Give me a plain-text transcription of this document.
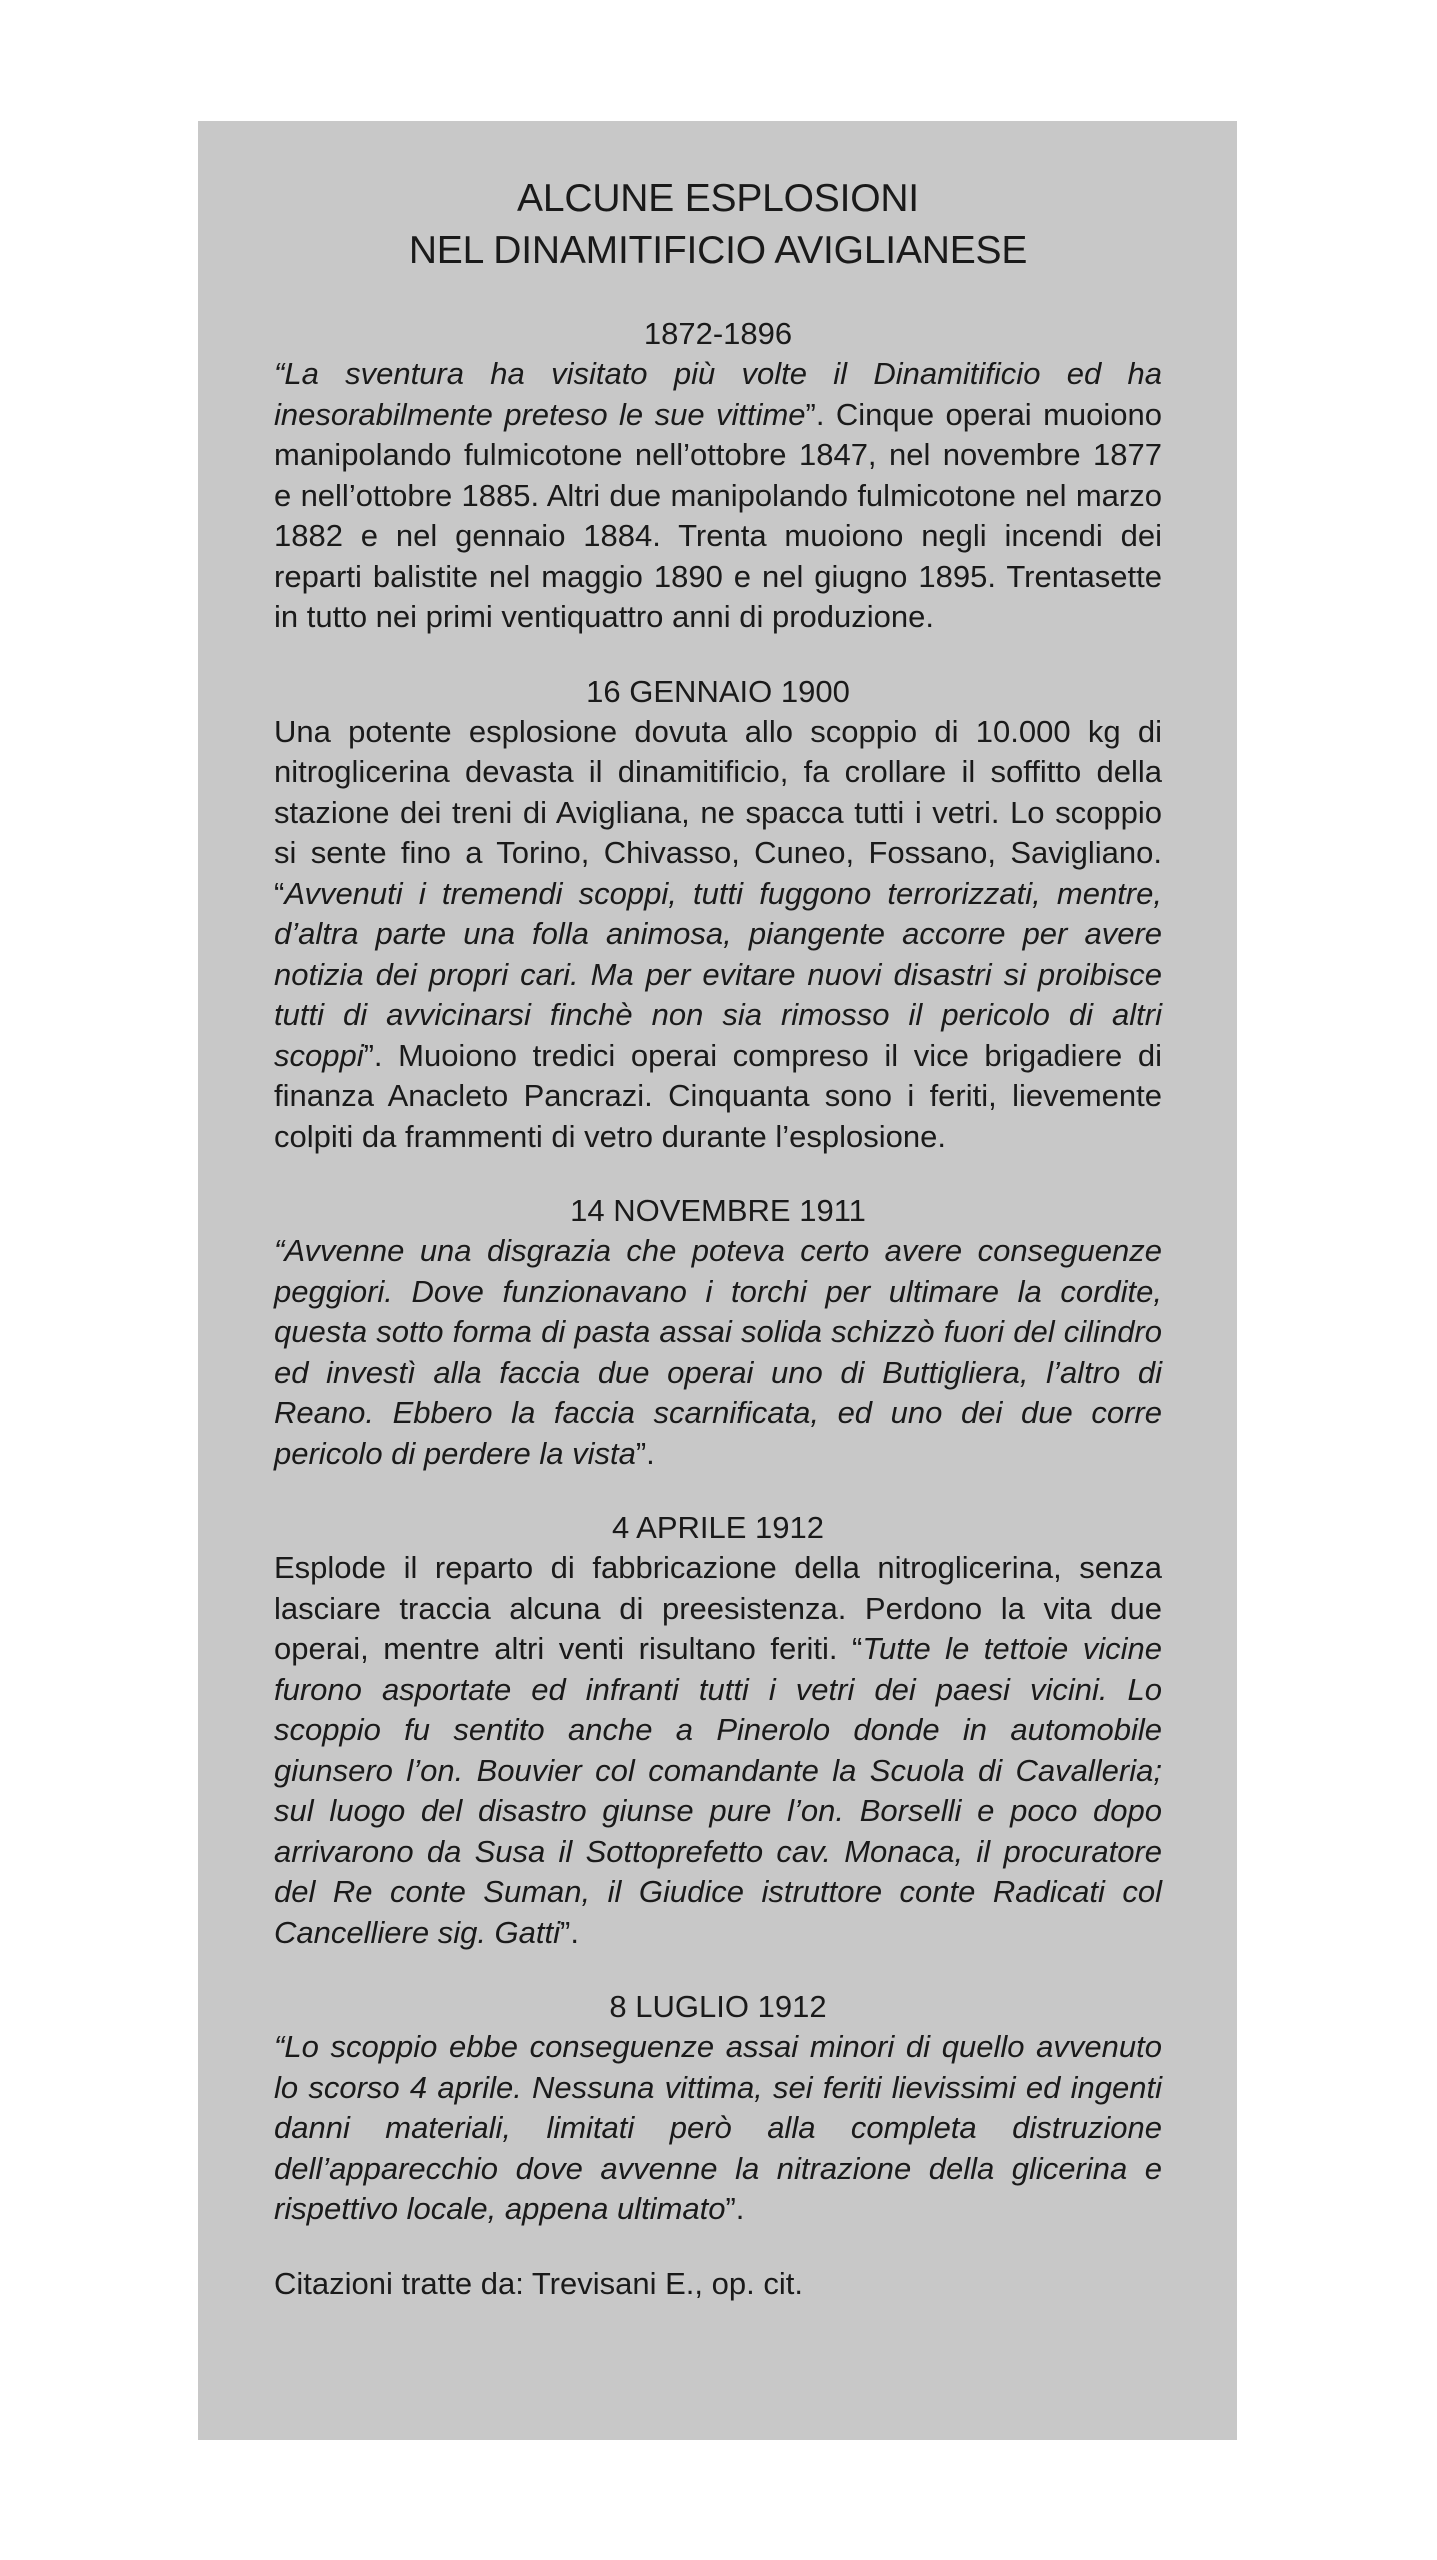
ALCUNE ESPLOSIONI
NEL DINAMITIFICIO AVIGLIANESE

1872-1896

“La sventura ha visitato più volte il Dinamitificio ed ha inesorabilmente preteso le sue vittime”. Cinque operai muoiono manipolando fulmicotone nell’ottobre 1847, nel novembre 1877 e nell’ottobre 1885. Altri due manipolando fulmicotone nel marzo 1882 e nel gennaio 1884. Trenta muoiono negli incendi dei reparti balistite nel maggio 1890 e nel giugno 1895. Trentasette in tutto nei primi ventiquattro anni di produzione.

16 GENNAIO 1900

Una potente esplosione dovuta allo scoppio di 10.000 kg di nitroglicerina devasta il dinamitificio, fa crollare il soffitto della stazione dei treni di Avigliana, ne spacca tutti i vetri. Lo scoppio si sente fino a Torino, Chivasso, Cuneo, Fossano, Savigliano. “Avvenuti i tremendi scoppi, tutti fuggono terrorizzati, mentre, d’altra parte una folla animosa, piangente accorre per avere notizia dei propri cari. Ma per evitare nuovi disastri si proibisce tutti di avvicinarsi finchè non sia rimosso il pericolo di altri scoppi”. Muoiono tredici operai compreso il vice brigadiere di finanza Anacleto Pancrazi. Cinquanta sono i feriti, lievemente colpiti da frammenti di vetro durante l’esplosione.

14 NOVEMBRE 1911

“Avvenne una disgrazia che poteva certo avere conseguenze peggiori. Dove funzionavano i torchi per ultimare la cordite, questa sotto forma di pasta assai solida schizzò fuori del cilindro ed investì alla faccia due operai uno di Buttigliera, l’altro di Reano. Ebbero la faccia scarnificata, ed uno dei due corre pericolo di perdere la vista”.

4 APRILE 1912

Esplode il reparto di fabbricazione della nitroglicerina, senza lasciare traccia alcuna di preesistenza. Perdono la vita due operai, mentre altri venti risultano feriti. “Tutte le tettoie vicine furono asportate ed infranti tutti i vetri dei paesi vicini. Lo scoppio fu sentito anche a Pinerolo donde in automobile giunsero l’on. Bouvier col comandante la Scuola di Cavalleria; sul luogo del disastro giunse pure l’on. Borselli e poco dopo arrivarono da Susa il Sottoprefetto cav. Monaca, il procuratore del Re conte Suman, il Giudice istruttore conte Radicati col Cancelliere sig. Gatti”.

8 LUGLIO 1912

“Lo scoppio ebbe conseguenze assai minori di quello avvenuto lo scorso 4 aprile. Nessuna vittima, sei feriti lievissimi ed ingenti danni materiali, limitati però alla completa distruzione dell’apparecchio dove avvenne la nitrazione della glicerina e rispettivo locale, appena ultimato”.

Citazioni tratte da: Trevisani E., op. cit.
